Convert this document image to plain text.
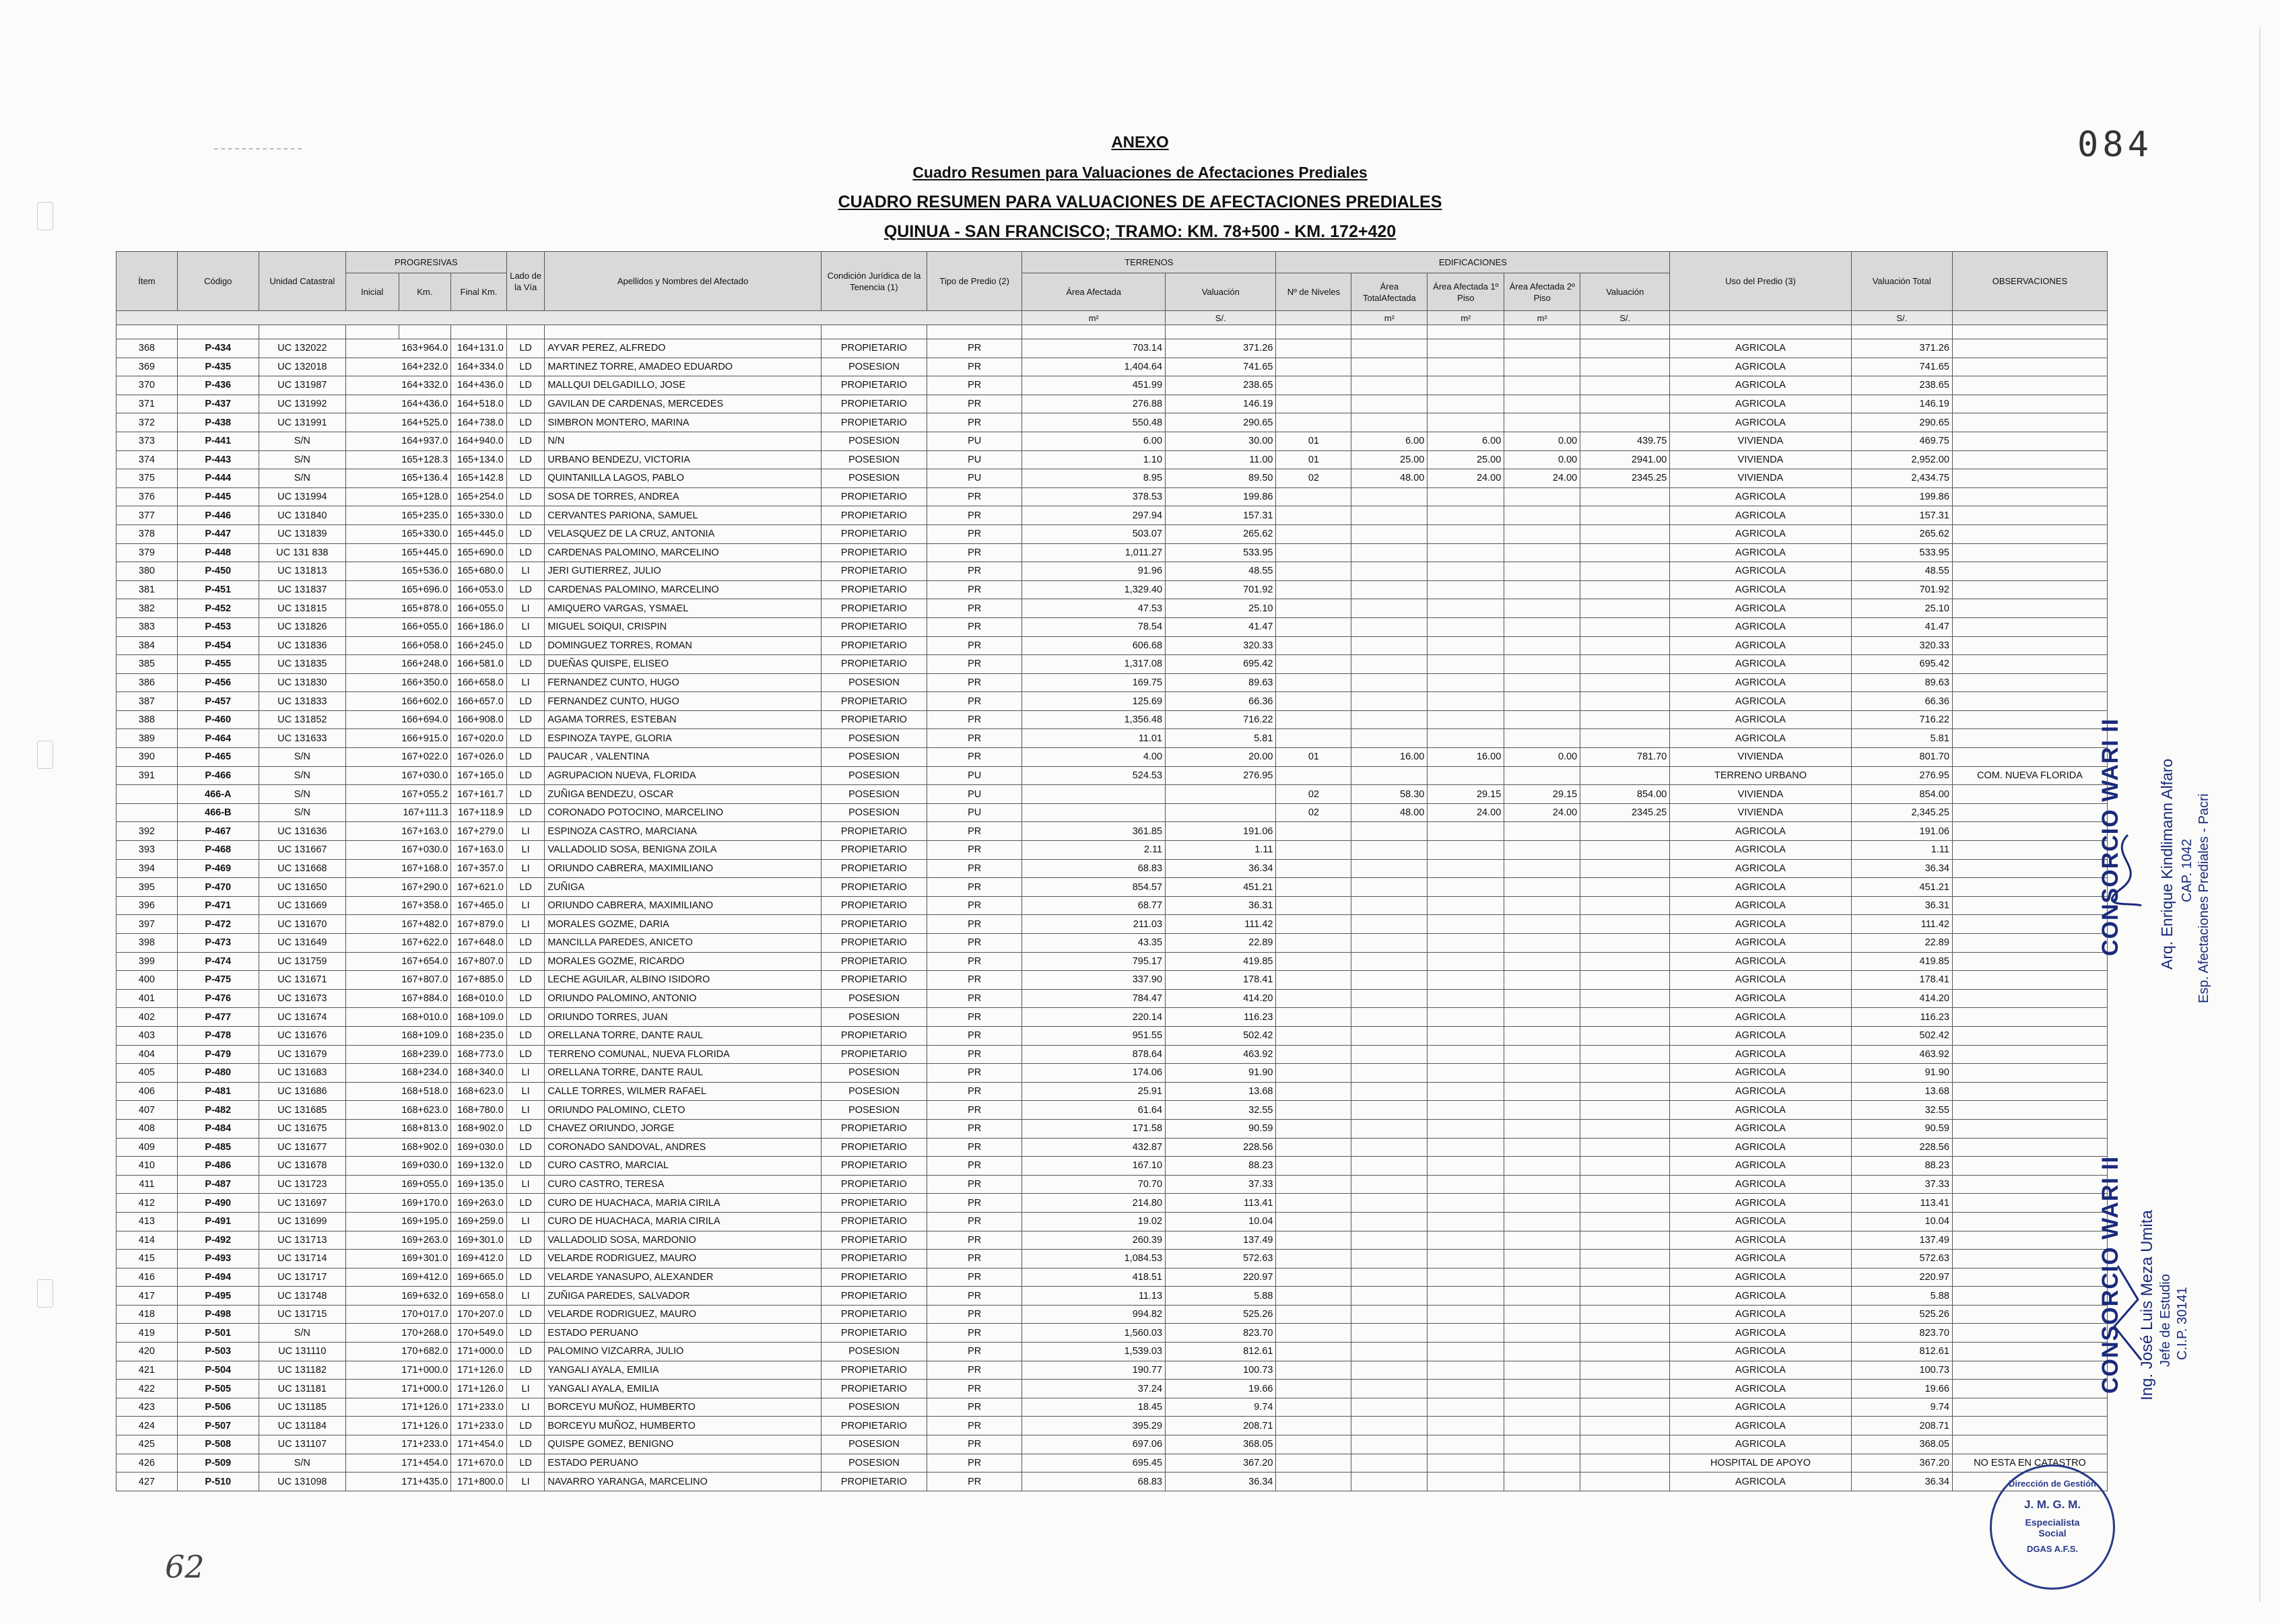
084
ANEXO
Cuadro Resumen para Valuaciones de Afectaciones Prediales
CUADRO RESUMEN PARA VALUACIONES DE AFECTACIONES PREDIALES
QUINUA - SAN FRANCISCO; TRAMO: KM. 78+500 - KM. 172+420
Ítem	Código	Unidad Catastral	PROGRESIVAS			Lado de la Vía	Apellidos y Nombres del Afectado	Condición Jurídica de la Tenencia (1)	Tipo de Predio (2)	TERRENOS		EDIFICACIONES					Uso del Predio (3)	Valuación Total	OBSERVACIONES
			Inicial	Km.	Final Km.					Área Afectada	Valuación	Nº de Niveles	Área TotalAfectada	Área Afectada 1º Piso	Área Afectada 2º Piso	Valuación			
										m²	S/.		m²	m²	m²	S/.		S/.	

368	P-434	UC 132022	163+964.0		164+131.0	LD	AYVAR PEREZ, ALFREDO	PROPIETARIO	PR	703.14	371.26						AGRICOLA	371.26	
369	P-435	UC 132018	164+232.0		164+334.0	LD	MARTINEZ TORRE, AMADEO EDUARDO	POSESION	PR	1,404.64	741.65						AGRICOLA	741.65	
370	P-436	UC 131987	164+332.0		164+436.0	LD	MALLQUI DELGADILLO, JOSE	PROPIETARIO	PR	451.99	238.65						AGRICOLA	238.65	
371	P-437	UC 131992	164+436.0		164+518.0	LD	GAVILAN DE CARDENAS, MERCEDES	PROPIETARIO	PR	276.88	146.19						AGRICOLA	146.19	
372	P-438	UC 131991	164+525.0		164+738.0	LD	SIMBRON MONTERO, MARINA	PROPIETARIO	PR	550.48	290.65						AGRICOLA	290.65	
373	P-441	S/N	164+937.0		164+940.0	LD	N/N	POSESION	PU	6.00	30.00	01	6.00	6.00	0.00	439.75	VIVIENDA	469.75	
374	P-443	S/N	165+128.3		165+134.0	LD	URBANO BENDEZU, VICTORIA	POSESION	PU	1.10	11.00	01	25.00	25.00	0.00	2941.00	VIVIENDA	2,952.00	
375	P-444	S/N	165+136.4		165+142.8	LD	QUINTANILLA LAGOS, PABLO	POSESION	PU	8.95	89.50	02	48.00	24.00	24.00	2345.25	VIVIENDA	2,434.75	
376	P-445	UC 131994	165+128.0		165+254.0	LD	SOSA DE TORRES, ANDREA	PROPIETARIO	PR	378.53	199.86						AGRICOLA	199.86	
377	P-446	UC 131840	165+235.0		165+330.0	LD	CERVANTES PARIONA, SAMUEL	PROPIETARIO	PR	297.94	157.31						AGRICOLA	157.31	
378	P-447	UC 131839	165+330.0		165+445.0	LD	VELASQUEZ DE LA CRUZ, ANTONIA	PROPIETARIO	PR	503.07	265.62						AGRICOLA	265.62	
379	P-448	UC 131 838	165+445.0		165+690.0	LD	CARDENAS PALOMINO, MARCELINO	PROPIETARIO	PR	1,011.27	533.95						AGRICOLA	533.95	
380	P-450	UC 131813	165+536.0		165+680.0	LI	JERI GUTIERREZ, JULIO	PROPIETARIO	PR	91.96	48.55						AGRICOLA	48.55	
381	P-451	UC 131837	165+696.0		166+053.0	LD	CARDENAS PALOMINO, MARCELINO	PROPIETARIO	PR	1,329.40	701.92						AGRICOLA	701.92	
382	P-452	UC 131815	165+878.0		166+055.0	LI	AMIQUERO VARGAS, YSMAEL	PROPIETARIO	PR	47.53	25.10						AGRICOLA	25.10	
383	P-453	UC 131826	166+055.0		166+186.0	LI	MIGUEL SOIQUI, CRISPIN	PROPIETARIO	PR	78.54	41.47						AGRICOLA	41.47	
384	P-454	UC 131836	166+058.0		166+245.0	LD	DOMINGUEZ TORRES, ROMAN	PROPIETARIO	PR	606.68	320.33						AGRICOLA	320.33	
385	P-455	UC 131835	166+248.0		166+581.0	LD	DUEÑAS QUISPE, ELISEO	PROPIETARIO	PR	1,317.08	695.42						AGRICOLA	695.42	
386	P-456	UC 131830	166+350.0		166+658.0	LI	FERNANDEZ CUNTO, HUGO	POSESION	PR	169.75	89.63						AGRICOLA	89.63	
387	P-457	UC 131833	166+602.0		166+657.0	LD	FERNANDEZ CUNTO, HUGO	PROPIETARIO	PR	125.69	66.36						AGRICOLA	66.36	
388	P-460	UC 131852	166+694.0		166+908.0	LD	AGAMA TORRES, ESTEBAN	PROPIETARIO	PR	1,356.48	716.22						AGRICOLA	716.22	
389	P-464	UC 131633	166+915.0		167+020.0	LD	ESPINOZA TAYPE, GLORIA	POSESION	PR	11.01	5.81						AGRICOLA	5.81	
390	P-465	S/N	167+022.0		167+026.0	LD	PAUCAR , VALENTINA	POSESION	PR	4.00	20.00	01	16.00	16.00	0.00	781.70	VIVIENDA	801.70	
391	P-466	S/N	167+030.0		167+165.0	LD	AGRUPACION NUEVA, FLORIDA	POSESION	PU	524.53	276.95						TERRENO URBANO	276.95	COM. NUEVA FLORIDA
	466-A	S/N	167+055.2		167+161.7	LD	ZUÑIGA BENDEZU, OSCAR	POSESION	PU			02	58.30	29.15	29.15	854.00	VIVIENDA	854.00	
	466-B	S/N	167+111.3		167+118.9	LD	CORONADO POTOCINO, MARCELINO	POSESION	PU			02	48.00	24.00	24.00	2345.25	VIVIENDA	2,345.25	
392	P-467	UC 131636	167+163.0		167+279.0	LI	ESPINOZA CASTRO, MARCIANA	PROPIETARIO	PR	361.85	191.06						AGRICOLA	191.06	
393	P-468	UC 131667	167+030.0		167+163.0	LI	VALLADOLID SOSA, BENIGNA ZOILA	PROPIETARIO	PR	2.11	1.11						AGRICOLA	1.11	
394	P-469	UC 131668	167+168.0		167+357.0	LI	ORIUNDO CABRERA, MAXIMILIANO	PROPIETARIO	PR	68.83	36.34						AGRICOLA	36.34	
395	P-470	UC 131650	167+290.0		167+621.0	LD	ZUÑIGA	PROPIETARIO	PR	854.57	451.21						AGRICOLA	451.21	
396	P-471	UC 131669	167+358.0		167+465.0	LI	ORIUNDO CABRERA, MAXIMILIANO	PROPIETARIO	PR	68.77	36.31						AGRICOLA	36.31	
397	P-472	UC 131670	167+482.0		167+879.0	LI	MORALES GOZME, DARIA	PROPIETARIO	PR	211.03	111.42						AGRICOLA	111.42	
398	P-473	UC 131649	167+622.0		167+648.0	LD	MANCILLA PAREDES, ANICETO	PROPIETARIO	PR	43.35	22.89						AGRICOLA	22.89	
399	P-474	UC 131759	167+654.0		167+807.0	LD	MORALES GOZME, RICARDO	PROPIETARIO	PR	795.17	419.85						AGRICOLA	419.85	
400	P-475	UC 131671	167+807.0		167+885.0	LD	LECHE AGUILAR, ALBINO ISIDORO	PROPIETARIO	PR	337.90	178.41						AGRICOLA	178.41	
401	P-476	UC 131673	167+884.0		168+010.0	LD	ORIUNDO PALOMINO, ANTONIO	POSESION	PR	784.47	414.20						AGRICOLA	414.20	
402	P-477	UC 131674	168+010.0		168+109.0	LD	ORIUNDO TORRES, JUAN	POSESION	PR	220.14	116.23						AGRICOLA	116.23	
403	P-478	UC 131676	168+109.0		168+235.0	LD	ORELLANA TORRE, DANTE RAUL	PROPIETARIO	PR	951.55	502.42						AGRICOLA	502.42	
404	P-479	UC 131679	168+239.0		168+773.0	LD	TERRENO COMUNAL, NUEVA FLORIDA	PROPIETARIO	PR	878.64	463.92						AGRICOLA	463.92	
405	P-480	UC 131683	168+234.0		168+340.0	LI	ORELLANA TORRE, DANTE RAUL	POSESION	PR	174.06	91.90						AGRICOLA	91.90	
406	P-481	UC 131686	168+518.0		168+623.0	LI	CALLE TORRES, WILMER RAFAEL	POSESION	PR	25.91	13.68						AGRICOLA	13.68	
407	P-482	UC 131685	168+623.0		168+780.0	LI	ORIUNDO PALOMINO, CLETO	POSESION	PR	61.64	32.55						AGRICOLA	32.55	
408	P-484	UC 131675	168+813.0		168+902.0	LD	CHAVEZ ORIUNDO, JORGE	PROPIETARIO	PR	171.58	90.59						AGRICOLA	90.59	
409	P-485	UC 131677	168+902.0		169+030.0	LD	CORONADO SANDOVAL, ANDRES	PROPIETARIO	PR	432.87	228.56						AGRICOLA	228.56	
410	P-486	UC 131678	169+030.0		169+132.0	LD	CURO CASTRO, MARCIAL	PROPIETARIO	PR	167.10	88.23						AGRICOLA	88.23	
411	P-487	UC 131723	169+055.0		169+135.0	LI	CURO CASTRO, TERESA	PROPIETARIO	PR	70.70	37.33						AGRICOLA	37.33	
412	P-490	UC 131697	169+170.0		169+263.0	LD	CURO DE HUACHACA, MARIA CIRILA	PROPIETARIO	PR	214.80	113.41						AGRICOLA	113.41	
413	P-491	UC 131699	169+195.0		169+259.0	LI	CURO DE HUACHACA, MARIA CIRILA	PROPIETARIO	PR	19.02	10.04						AGRICOLA	10.04	
414	P-492	UC 131713	169+263.0		169+301.0	LD	VALLADOLID SOSA, MARDONIO	PROPIETARIO	PR	260.39	137.49						AGRICOLA	137.49	
415	P-493	UC 131714	169+301.0		169+412.0	LD	VELARDE RODRIGUEZ, MAURO	PROPIETARIO	PR	1,084.53	572.63						AGRICOLA	572.63	
416	P-494	UC 131717	169+412.0		169+665.0	LD	VELARDE YANASUPO, ALEXANDER	PROPIETARIO	PR	418.51	220.97						AGRICOLA	220.97	
417	P-495	UC 131748	169+632.0		169+658.0	LI	ZUÑIGA PAREDES, SALVADOR	PROPIETARIO	PR	11.13	5.88						AGRICOLA	5.88	
418	P-498	UC 131715	170+017.0		170+207.0	LD	VELARDE RODRIGUEZ, MAURO	PROPIETARIO	PR	994.82	525.26						AGRICOLA	525.26	
419	P-501	S/N	170+268.0		170+549.0	LD	ESTADO PERUANO	PROPIETARIO	PR	1,560.03	823.70						AGRICOLA	823.70	
420	P-503	UC 131110	170+682.0		171+000.0	LD	PALOMINO VIZCARRA, JULIO	POSESION	PR	1,539.03	812.61						AGRICOLA	812.61	
421	P-504	UC 131182	171+000.0		171+126.0	LD	YANGALI AYALA, EMILIA	PROPIETARIO	PR	190.77	100.73						AGRICOLA	100.73	
422	P-505	UC 131181	171+000.0		171+126.0	LI	YANGALI AYALA, EMILIA	PROPIETARIO	PR	37.24	19.66						AGRICOLA	19.66	
423	P-506	UC 131185	171+126.0		171+233.0	LI	BORCEYU MUÑOZ, HUMBERTO	POSESION	PR	18.45	9.74						AGRICOLA	9.74	
424	P-507	UC 131184	171+126.0		171+233.0	LD	BORCEYU MUÑOZ, HUMBERTO	PROPIETARIO	PR	395.29	208.71						AGRICOLA	208.71	
425	P-508	UC 131107	171+233.0		171+454.0	LD	QUISPE GOMEZ, BENIGNO	POSESION	PR	697.06	368.05						AGRICOLA	368.05	
426	P-509	S/N	171+454.0		171+670.0	LD	ESTADO PERUANO	POSESION	PR	695.45	367.20						HOSPITAL DE APOYO	367.20	NO ESTA EN CATASTRO
427	P-510	UC 131098	171+435.0		171+800.0	LI	NAVARRO YARANGA, MARCELINO	PROPIETARIO	PR	68.83	36.34						AGRICOLA	36.34	
CONSORCIO WARI II Arq. Enrique Kindlimann Alfaro CAP. 1042 Esp. Afectaciones Prediales - Pacri
CONSORCIO WARI II Ing. José Luis Meza Umita Jefe de Estudio C.I.P. 30141
Dirección de Gestión
J. M. G. M.
Especialista Social
DGAS A.F.S.
62
